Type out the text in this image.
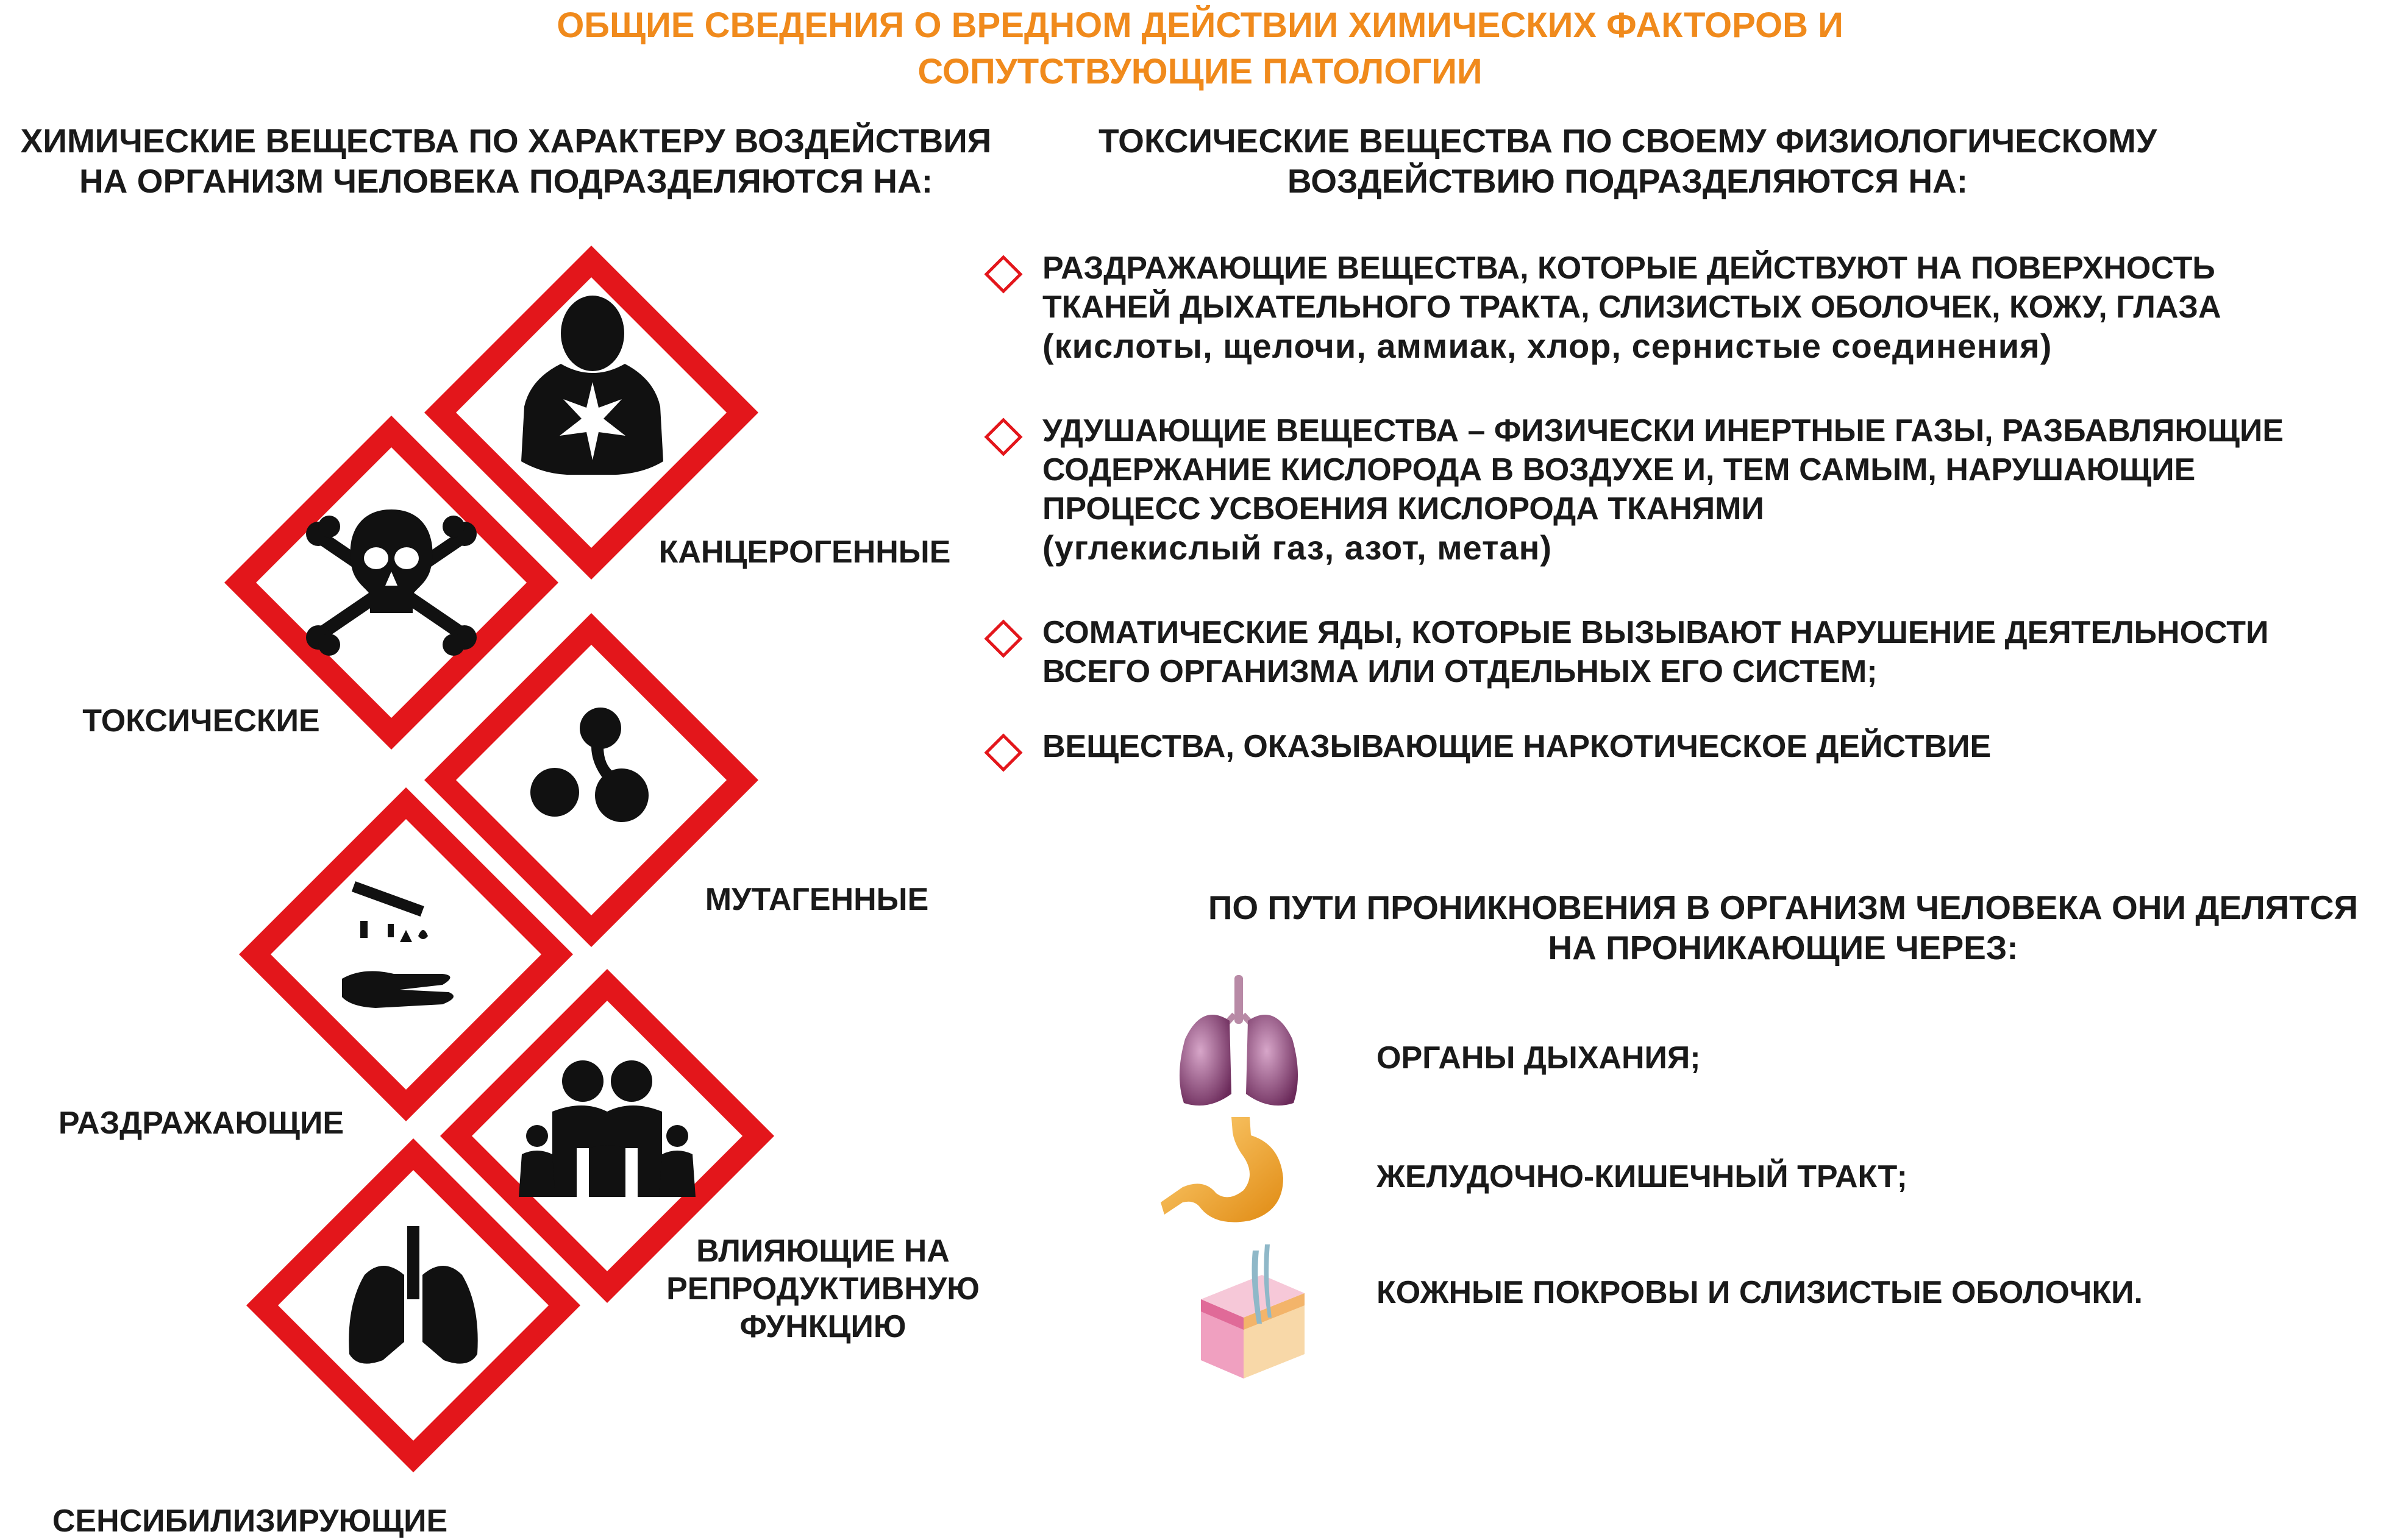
ОБЩИЕ СВЕДЕНИЯ О ВРЕДНОМ ДЕЙСТВИИ ХИМИЧЕСКИХ ФАКТОРОВ И
СОПУТСТВУЮЩИЕ ПАТОЛОГИИ
ХИМИЧЕСКИЕ ВЕЩЕСТВА ПО ХАРАКТЕРУ ВОЗДЕЙСТВИЯ
НА ОРГАНИЗМ ЧЕЛОВЕКА ПОДРАЗДЕЛЯЮТСЯ НА:
ТОКСИЧЕСКИЕ ВЕЩЕСТВА ПО СВОЕМУ ФИЗИОЛОГИЧЕСКОМУ
ВОЗДЕЙСТВИЮ ПОДРАЗДЕЛЯЮТСЯ НА:
КАНЦЕРОГЕННЫЕ
ТОКСИЧЕСКИЕ
МУТАГЕННЫЕ
РАЗДРАЖАЮЩИЕ
ВЛИЯЮЩИЕ НА
РЕПРОДУКТИВНУЮ
ФУНКЦИЮ
СЕНСИБИЛИЗИРУЮЩИЕ
РАЗДРАЖАЮЩИЕ ВЕЩЕСТВА, КОТОРЫЕ ДЕЙСТВУЮТ НА ПОВЕРХНОСТЬ
ТКАНЕЙ ДЫХАТЕЛЬНОГО ТРАКТА, СЛИЗИСТЫХ ОБОЛОЧЕК, КОЖУ, ГЛАЗА
(кислоты, щелочи, аммиак, хлор, сернистые соединения)
УДУШАЮЩИЕ ВЕЩЕСТВА – ФИЗИЧЕСКИ ИНЕРТНЫЕ ГАЗЫ, РАЗБАВЛЯЮЩИЕ
СОДЕРЖАНИЕ КИСЛОРОДА В ВОЗДУХЕ И, ТЕМ САМЫМ, НАРУШАЮЩИЕ
ПРОЦЕСС УСВОЕНИЯ КИСЛОРОДА ТКАНЯМИ
(углекислый газ, азот, метан)
СОМАТИЧЕСКИЕ ЯДЫ, КОТОРЫЕ ВЫЗЫВАЮТ НАРУШЕНИЕ ДЕЯТЕЛЬНОСТИ
ВСЕГО ОРГАНИЗМА ИЛИ ОТДЕЛЬНЫХ ЕГО СИСТЕМ;
ВЕЩЕСТВА, ОКАЗЫВАЮЩИЕ НАРКОТИЧЕСКОЕ ДЕЙСТВИЕ
ПО ПУТИ ПРОНИКНОВЕНИЯ В ОРГАНИЗМ ЧЕЛОВЕКА ОНИ ДЕЛЯТСЯ
НА ПРОНИКАЮЩИЕ ЧЕРЕЗ:
ОРГАНЫ ДЫХАНИЯ;
ЖЕЛУДОЧНО-КИШЕЧНЫЙ ТРАКТ;
КОЖНЫЕ ПОКРОВЫ И СЛИЗИСТЫЕ ОБОЛОЧКИ.
